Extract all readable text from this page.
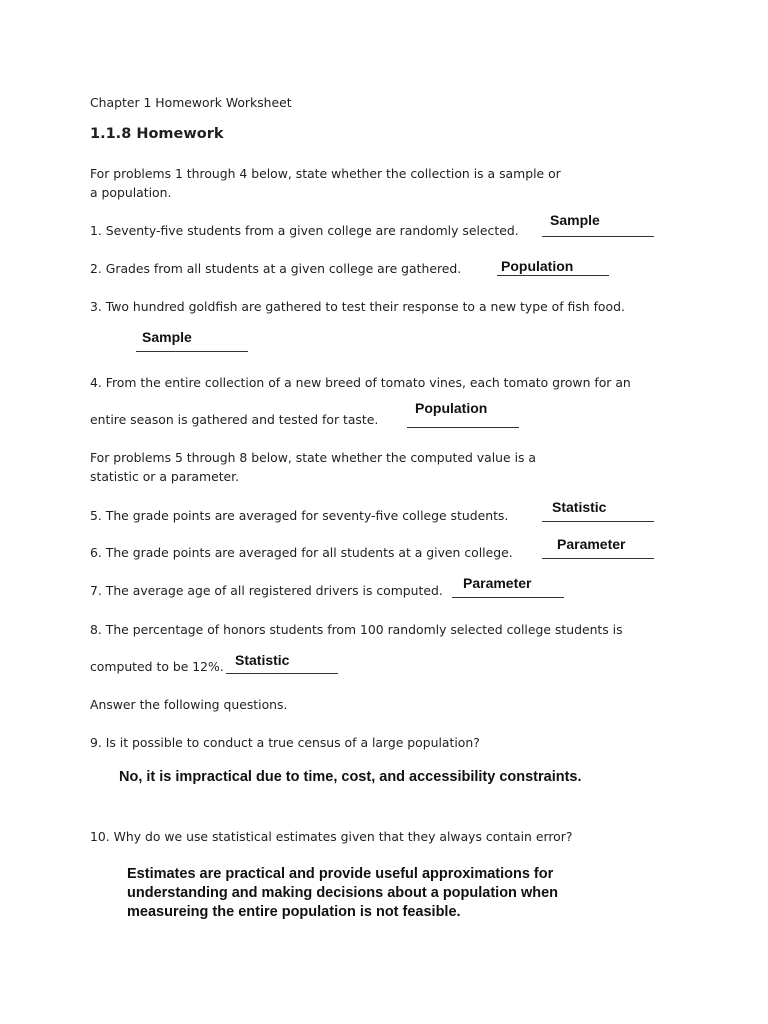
Chapter 1 Homework Worksheet
1.1.8 Homework
For problems 1 through 4 below, state whether the collection is a sample or
a population.
1. Seventy-five students from a given college are randomly selected.
Sample
2. Grades from all students at a given college are gathered.	Population
3. Two hundred goldfish are gathered to test their response to a new type of fish food.
Sample
4. From the entire collection of a new breed of tomato vines, each tomato grown for an
entire season is gathered and tested for taste.
Population
For problems 5 through 8 below, state whether the computed value is a
statistic or a parameter.
5. The grade points are averaged for seventy-five college students.
Statistic
6. The grade points are averaged for all students at a given college.
Parameter
7. The average age of all registered drivers is computed. Parameter
8. The percentage of honors students from 100 randomly selected college students is
computed to be 12%. Statistic
Answer the following questions.
9. Is it possible to conduct a true census of a large population?
No, it is impractical due to time, cost, and accessibility constraints.
10. Why do we use statistical estimates given that they always contain error?
Estimates are practical and provide useful approximations for
understanding and making decisions about a population when
measureing the entire population is not feasible.
